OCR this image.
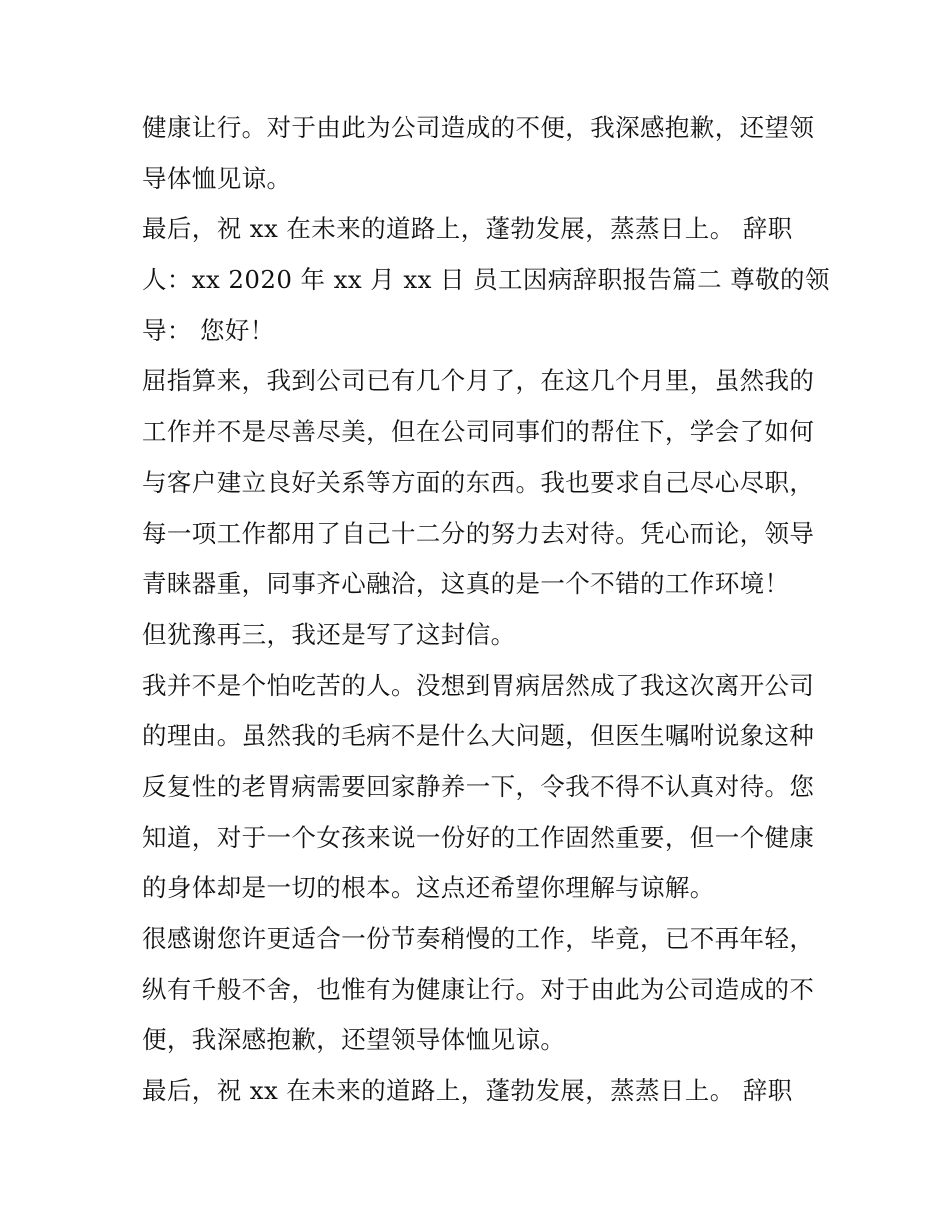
健康让行。对于由此为公司造成的不便，我深感抱歉，还望领
导体恤见谅。
最后，祝 xx 在未来的道路上，蓬勃发展，蒸蒸日上。 辞职
人：xx 2020 年 xx 月 xx 日 员工因病辞职报告篇二 尊敬的领
导： 您好！
屈指算来，我到公司已有几个月了，在这几个月里，虽然我的
工作并不是尽善尽美，但在公司同事们的帮住下，学会了如何
与客户建立良好关系等方面的东西。我也要求自己尽心尽职，
每一项工作都用了自己十二分的努力去对待。凭心而论，领导
青睐器重，同事齐心融洽，这真的是一个不错的工作环境！
但犹豫再三，我还是写了这封信。
我并不是个怕吃苦的人。没想到胃病居然成了我这次离开公司
的理由。虽然我的毛病不是什么大问题，但医生嘱咐说象这种
反复性的老胃病需要回家静养一下，令我不得不认真对待。您
知道，对于一个女孩来说一份好的工作固然重要，但一个健康
的身体却是一切的根本。这点还希望你理解与谅解。
很感谢您许更适合一份节奏稍慢的工作，毕竟，已不再年轻，
纵有千般不舍，也惟有为健康让行。对于由此为公司造成的不
便，我深感抱歉，还望领导体恤见谅。
最后，祝 xx 在未来的道路上，蓬勃发展，蒸蒸日上。 辞职
